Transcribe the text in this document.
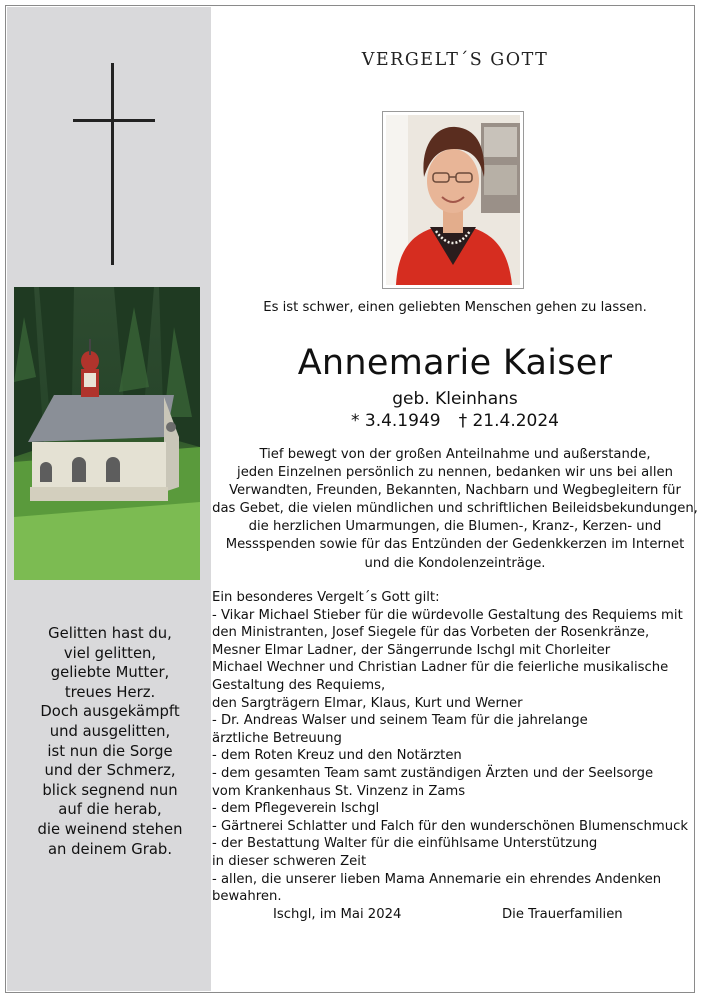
Gelitten hast du,
viel gelitten,
geliebte Mutter,
treues Herz.
Doch ausgekämpft
und ausgelitten,
ist nun die Sorge
und der Schmerz,
blick segnend nun
auf die herab,
die weinend stehen
an deinem Grab.
VERGELT´S GOTT
Es ist schwer, einen geliebten Menschen gehen zu lassen.
Annemarie Kaiser
geb. Kleinhans
* 3.4.1949 † 21.4.2024
Tief bewegt von der großen Anteilnahme und außerstande,
jeden Einzelnen persönlich zu nennen, bedanken wir uns bei allen
Verwandten, Freunden, Bekannten, Nachbarn und Wegbegleitern für
das Gebet, die vielen mündlichen und schriftlichen Beileidsbekundungen,
die herzlichen Umarmungen, die Blumen-, Kranz-, Kerzen- und
Messspenden sowie für das Entzünden der Gedenkkerzen im Internet
und die Kondolenzeinträge.
Ein besonderes Vergelt´s Gott gilt:
- Vikar Michael Stieber für die würdevolle Gestaltung des Requiems mit
den Ministranten, Josef Siegele für das Vorbeten der Rosenkränze,
Mesner Elmar Ladner, der Sängerrunde Ischgl mit Chorleiter
Michael Wechner und Christian Ladner für die feierliche musikalische
Gestaltung des Requiems,
den Sargträgern Elmar, Klaus, Kurt und Werner
- Dr. Andreas Walser und seinem Team für die jahrelange
ärztliche Betreuung
- dem Roten Kreuz und den Notärzten
- dem gesamten Team samt zuständigen Ärzten und der Seelsorge
vom Krankenhaus St. Vinzenz in Zams
- dem Pflegeverein Ischgl
- Gärtnerei Schlatter und Falch für den wunderschönen Blumenschmuck
- der Bestattung Walter für die einfühlsame Unterstützung
in dieser schweren Zeit
- allen, die unserer lieben Mama Annemarie ein ehrendes Andenken
bewahren.
Ischgl, im Mai 2024	Die Trauerfamilien
